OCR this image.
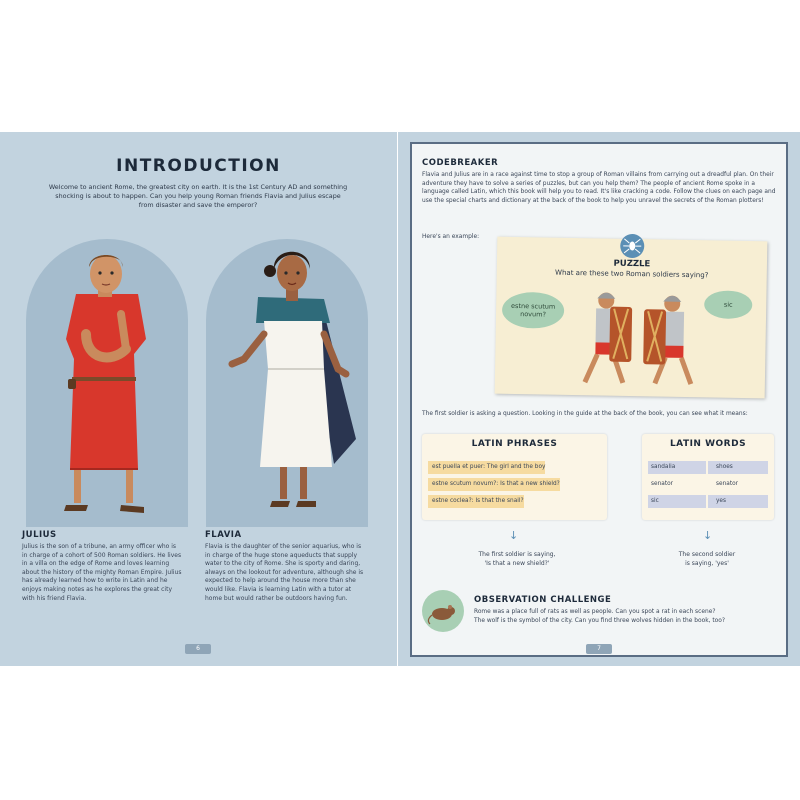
INTRODUCTION
Welcome to ancient Rome, the greatest city on earth. It is the 1st Century AD and something shocking is about to happen. Can you help young Roman friends Flavia and Julius escape from disaster and save the emperor?
JULIUS
Julius is the son of a tribune, an army officer who is in charge of a cohort of 500 Roman soldiers. He lives in a villa on the edge of Rome and loves learning about the history of the mighty Roman Empire. Julius has already learned how to write in Latin and he enjoys making notes as he explores the great city with his friend Flavia.
FLAVIA
Flavia is the daughter of the senior aquarius, who is in charge of the huge stone aqueducts that supply water to the city of Rome. She is sporty and daring, always on the lookout for adventure, although she is expected to help around the house more than she would like. Flavia is learning Latin with a tutor at home but would rather be outdoors having fun.
6
CODEBREAKER
Flavia and Julius are in a race against time to stop a group of Roman villains from carrying out a dreadful plan. On their adventure they have to solve a series of puzzles, but can you help them? The people of ancient Rome spoke in a language called Latin, which this book will help you to read. It's like cracking a code. Follow the clues on each page and use the special charts and dictionary at the back of the book to help you unravel the secrets of the Roman plotters!
Here's an example:
PUZZLE
What are these two Roman soldiers saying?
estne scutum novum?
sic
The first soldier is asking a question. Looking in the guide at the back of the book, you can see what it means:
LATIN PHRASES
est puella et puer: The girl and the boy
estne scutum novum?: Is that a new shield?
estne coclea?: Is that the snail?
LATIN WORDS
sandalia	shoes
senator	senator
sic	yes
↓
The first soldier is saying,
'Is that a new shield?'
↓
The second soldier
is saying, 'yes'
OBSERVATION CHALLENGE
Rome was a place full of rats as well as people. Can you spot a rat in each scene?
The wolf is the symbol of the city. Can you find three wolves hidden in the book, too?
7
